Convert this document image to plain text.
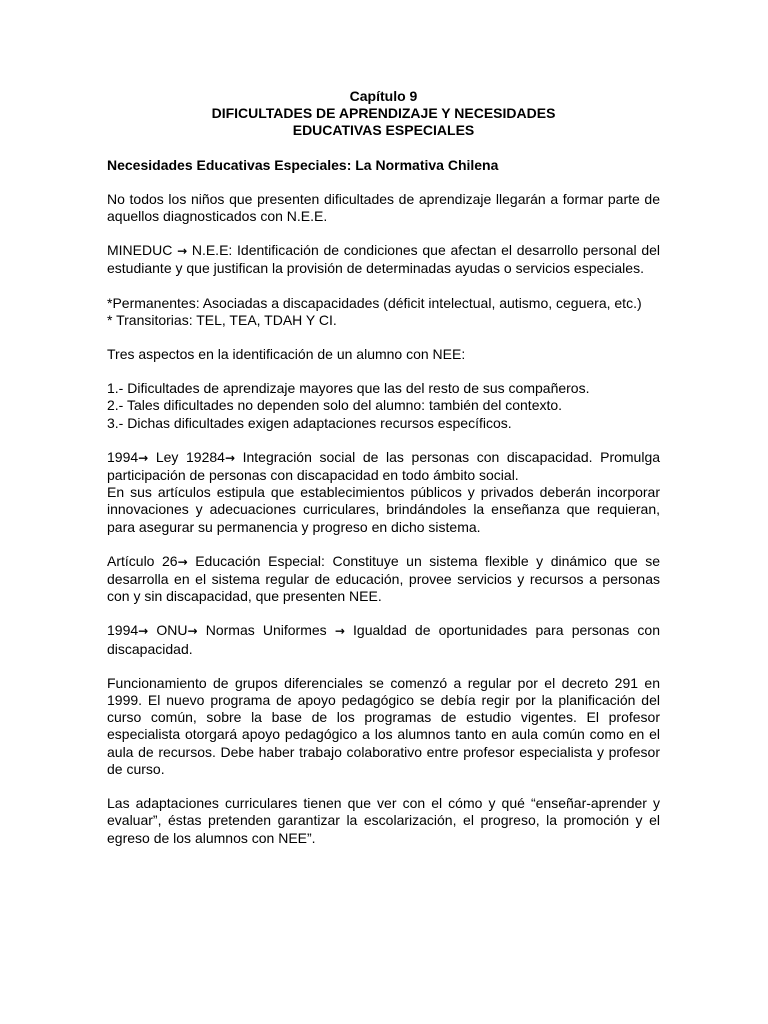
Capítulo 9
DIFICULTADES DE APRENDIZAJE Y NECESIDADES
EDUCATIVAS ESPECIALES
Necesidades Educativas Especiales: La Normativa Chilena

No todos los niños que presenten dificultades de aprendizaje llegarán a formar parte de aquellos diagnosticados con N.E.E.

MINEDUC → N.E.E: Identificación de condiciones que afectan el desarrollo personal del estudiante y que justifican la provisión de determinadas ayudas o servicios especiales.

*Permanentes: Asociadas a discapacidades (déficit intelectual, autismo, ceguera, etc.)
* Transitorias: TEL, TEA, TDAH Y CI.

Tres aspectos en la identificación de un alumno con NEE:

1.- Dificultades de aprendizaje mayores que las del resto de sus compañeros.
2.- Tales dificultades no dependen solo del alumno: también del contexto.
3.- Dichas dificultades exigen adaptaciones recursos específicos.

1994→ Ley 19284→ Integración social de las personas con discapacidad. Promulga participación de personas con discapacidad en todo ámbito social.
En sus artículos estipula que establecimientos públicos y privados deberán incorporar innovaciones y adecuaciones curriculares, brindándoles la enseñanza que requieran, para asegurar su permanencia y progreso en dicho sistema.

Artículo 26→ Educación Especial: Constituye un sistema flexible y dinámico que se desarrolla en el sistema regular de educación, provee servicios y recursos a personas con y sin discapacidad, que presenten NEE.

1994→ ONU→ Normas Uniformes → Igualdad de oportunidades para personas con discapacidad.

Funcionamiento de grupos diferenciales se comenzó a regular por el decreto 291 en 1999. El nuevo programa de apoyo pedagógico se debía regir por la planificación del curso común, sobre la base de los programas de estudio vigentes. El profesor especialista otorgará apoyo pedagógico a los alumnos tanto en aula común como en el aula de recursos. Debe haber trabajo colaborativo entre profesor especialista y profesor de curso.

Las adaptaciones curriculares tienen que ver con el cómo y qué “enseñar-aprender y evaluar”, éstas pretenden garantizar la escolarización, el progreso, la promoción y el egreso de los alumnos con NEE”.
